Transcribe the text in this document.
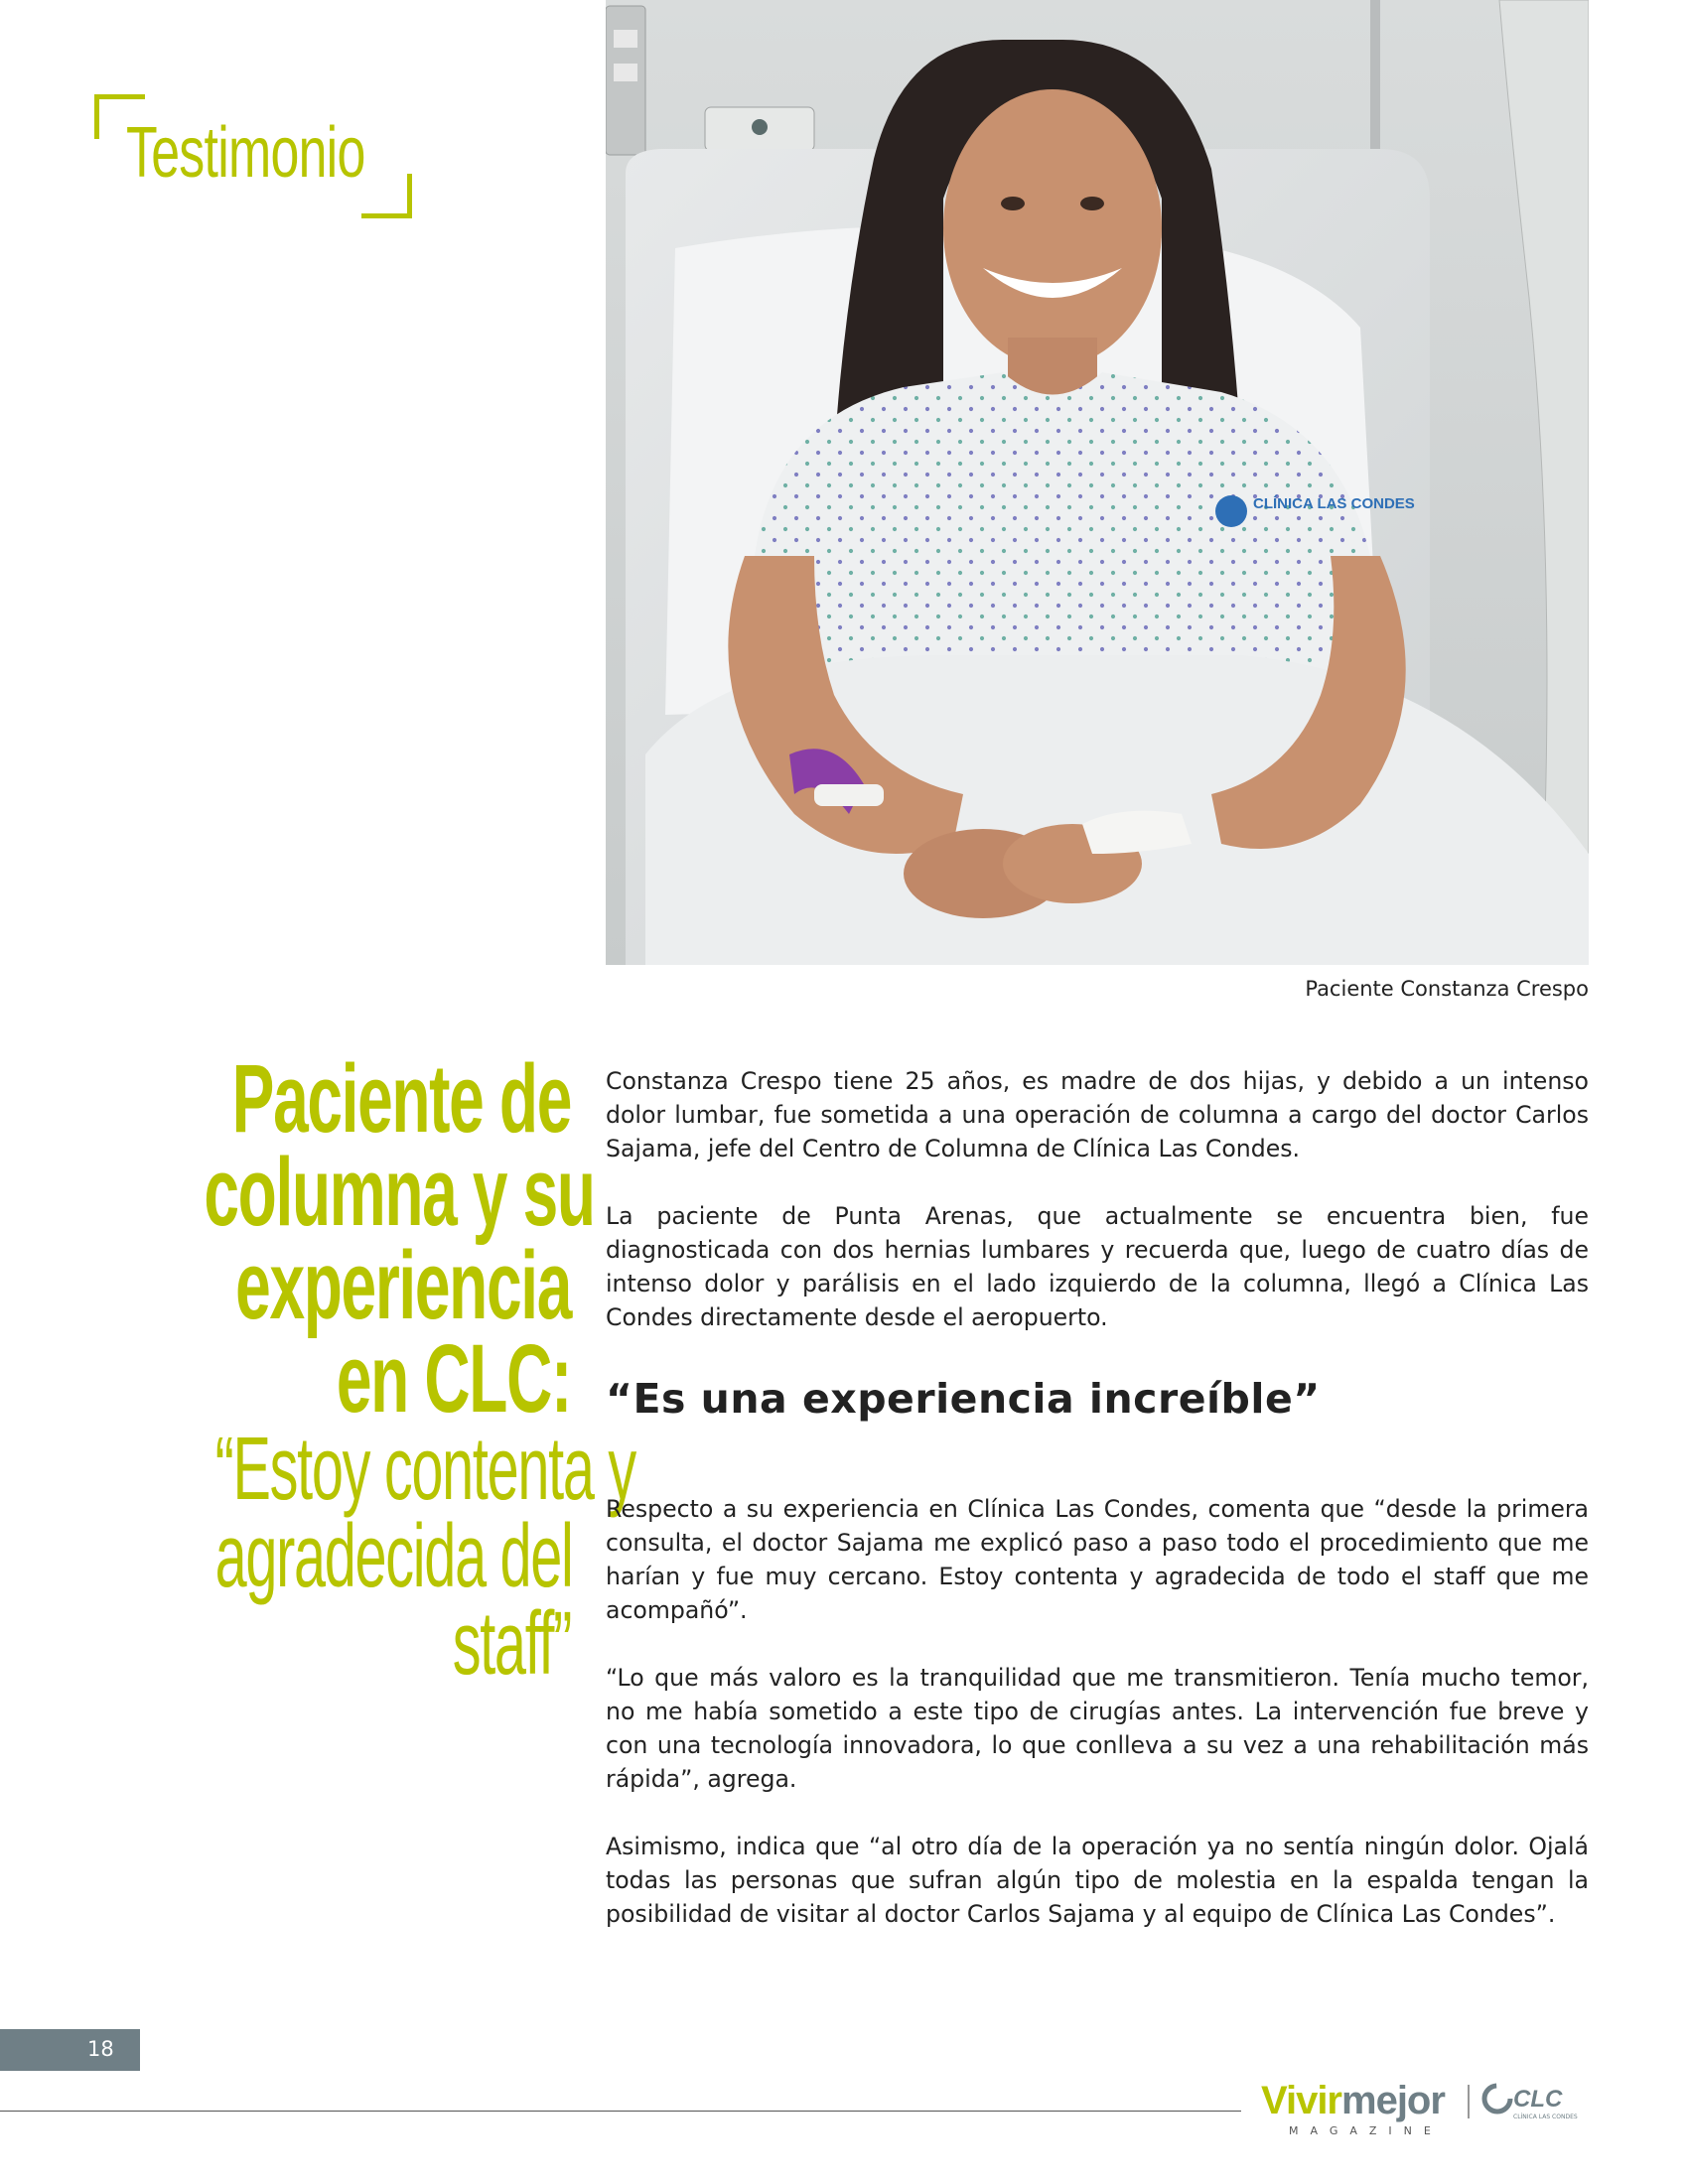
Testimonio
CLÍNICA LAS CONDES
Paciente Constanza Crespo
Paciente de
columna y su
experiencia
en CLC:
“Estoy contenta y
agradecida del
staff”

Constanza Crespo tiene 25 años, es madre de dos hijas, y debido a un intenso dolor lumbar, fue sometida a una operación de columna a cargo del doctor Carlos Sajama, jefe del Centro de Columna de Clínica Las Condes.

La paciente de Punta Arenas, que actualmente se encuentra bien, fue diagnosticada con dos hernias lumbares y recuerda que, luego de cuatro días de intenso dolor y parálisis en el lado izquierdo de la columna, llegó a Clínica Las Condes directamente desde el aeropuerto.

“Es una experiencia increíble”

Respecto a su experiencia en Clínica Las Condes, comenta que “desde la primera consulta, el doctor Sajama me explicó paso a paso todo el procedimiento que me harían y fue muy cercano. Estoy contenta y agradecida de todo el staff que me acompañó”.

“Lo que más valoro es la tranquilidad que me transmitieron. Tenía mucho temor, no me había sometido a este tipo de cirugías antes. La intervención fue breve y con una tecnología innovadora, lo que conlleva a su vez a una rehabilitación más rápida”, agrega.

Asimismo, indica que “al otro día de la operación ya no sentía ningún dolor. Ojalá todas las personas que sufran algún tipo de molestia en la espalda tengan la posibilidad de visitar al doctor Carlos Sajama y al equipo de Clínica Las Condes”.

18
Vivirmejor
MAGAZINE
CLC
CLÍNICA LAS CONDES
